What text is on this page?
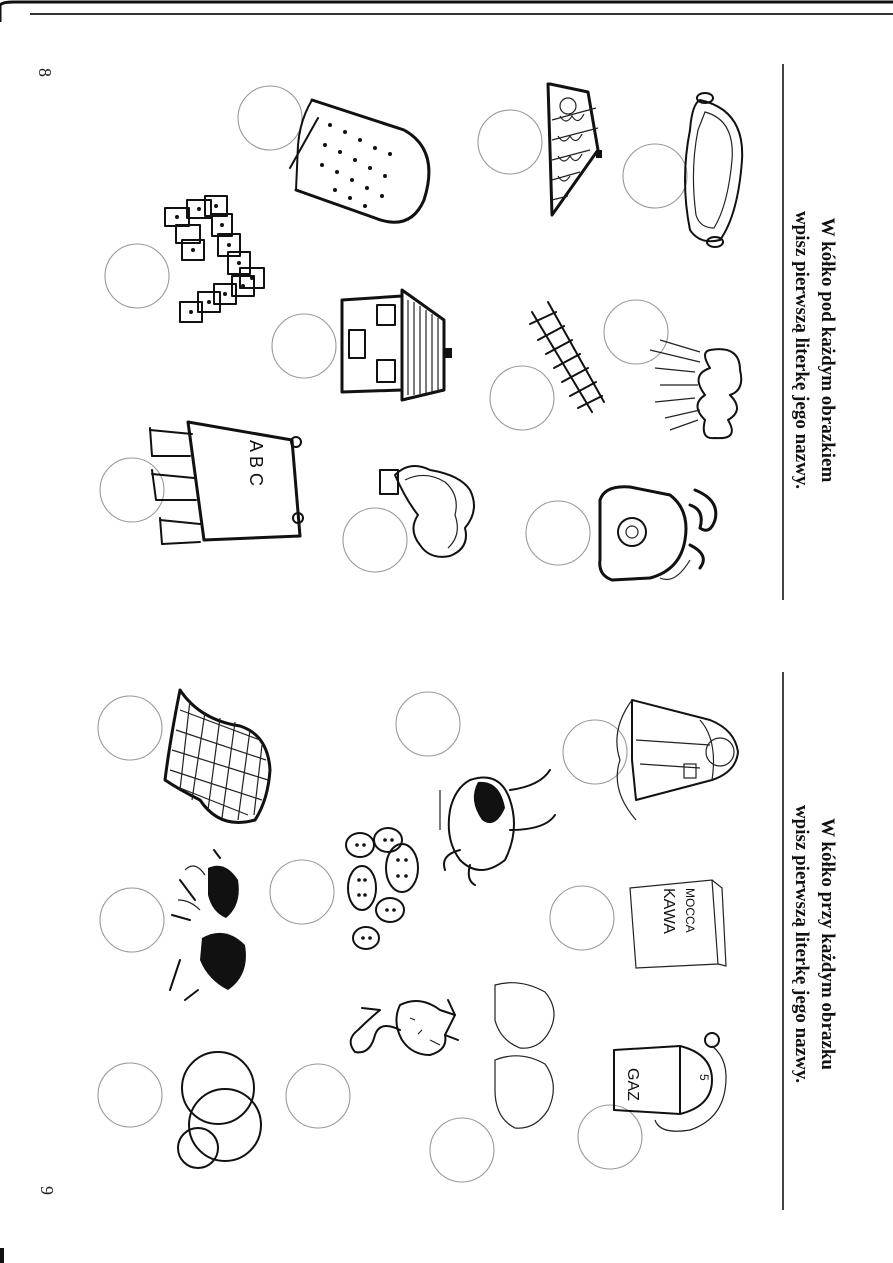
8
9
W kółko pod każdym obrazkiem
wpisz pierwszą literkę jego nazwy.
W kółko przy każdym obrazku
wpisz pierwszą literkę jego nazwy.
A B C
MOCCA
KAWA
GAZ	5
